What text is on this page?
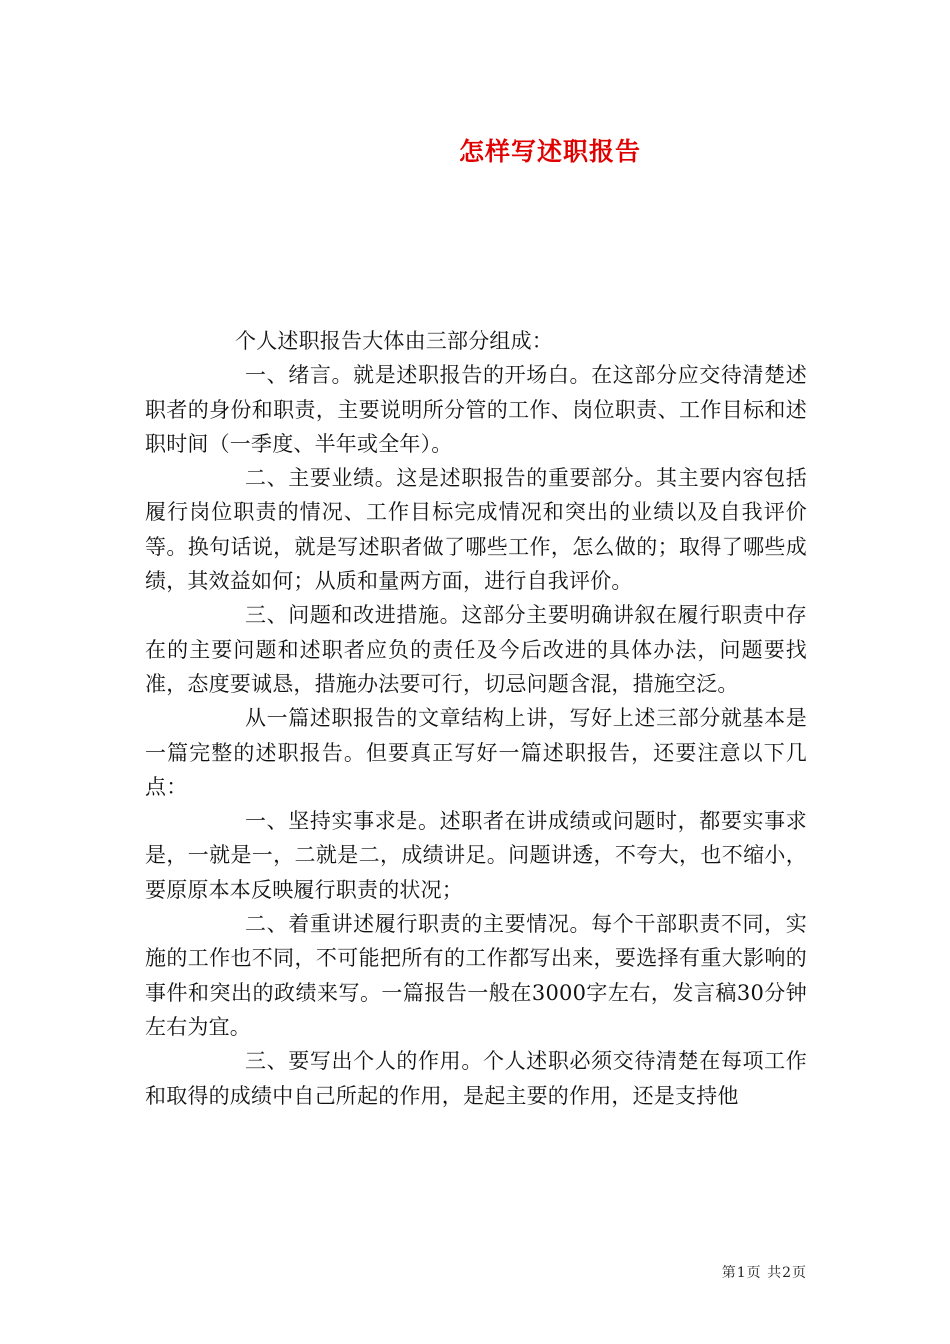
怎样写述职报告

个人述职报告大体由三部分组成：

一、绪言。就是述职报告的开场白。在这部分应交待清楚述职者的身份和职责，主要说明所分管的工作、岗位职责、工作目标和述职时间（一季度、半年或全年）。

二、主要业绩。这是述职报告的重要部分。其主要内容包括履行岗位职责的情况、工作目标完成情况和突出的业绩以及自我评价等。换句话说，就是写述职者做了哪些工作，怎么做的；取得了哪些成绩，其效益如何；从质和量两方面，进行自我评价。

三、问题和改进措施。这部分主要明确讲叙在履行职责中存在的主要问题和述职者应负的责任及今后改进的具体办法，问题要找准，态度要诚恳，措施办法要可行，切忌问题含混，措施空泛。

从一篇述职报告的文章结构上讲，写好上述三部分就基本是一篇完整的述职报告。但要真正写好一篇述职报告，还要注意以下几点：

一、坚持实事求是。述职者在讲成绩或问题时，都要实事求是，一就是一，二就是二，成绩讲足。问题讲透，不夸大，也不缩小，要原原本本反映履行职责的状况；

二、着重讲述履行职责的主要情况。每个干部职责不同，实施的工作也不同，不可能把所有的工作都写出来，要选择有重大影响的事件和突出的政绩来写。一篇报告一般在3000字左右，发言稿30分钟左右为宜。

三、要写出个人的作用。个人述职必须交待清楚在每项工作和取得的成绩中自己所起的作用，是起主要的作用，还是支持他

第1页 共2页
